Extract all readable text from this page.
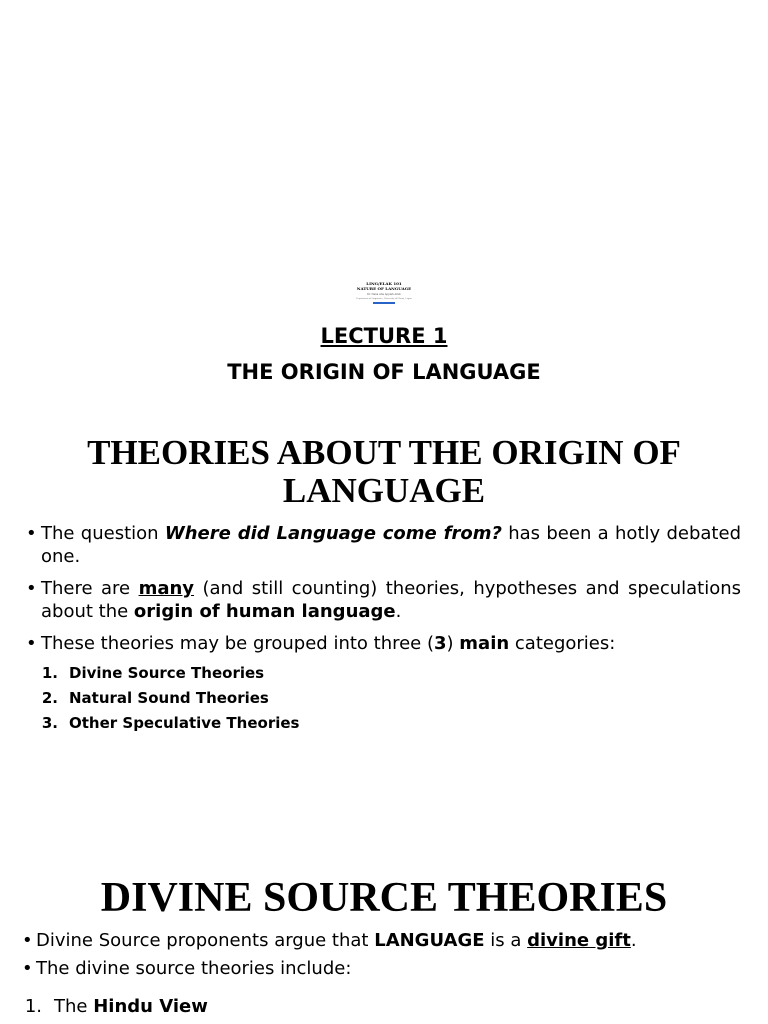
LING/ELAK 101
NATURE OF LANGUAGE
Dr. Nana Aba Appiah Amfo
Department of Linguistics, University of Ghana, Legon
LECTURE 1
THE ORIGIN OF LANGUAGE
THEORIES ABOUT THE ORIGIN OF LANGUAGE
• The question Where did Language come from? has been a hotly debated one.
• There are many (and still counting) theories, hypotheses and speculations about the origin of human language.
• These theories may be grouped into three (3) main categories:
1. Divine Source Theories
2. Natural Sound Theories
3. Other Speculative Theories
DIVINE SOURCE THEORIES
• Divine Source proponents argue that LANGUAGE is a divine gift.
• The divine source theories include:
1. The Hindu View
